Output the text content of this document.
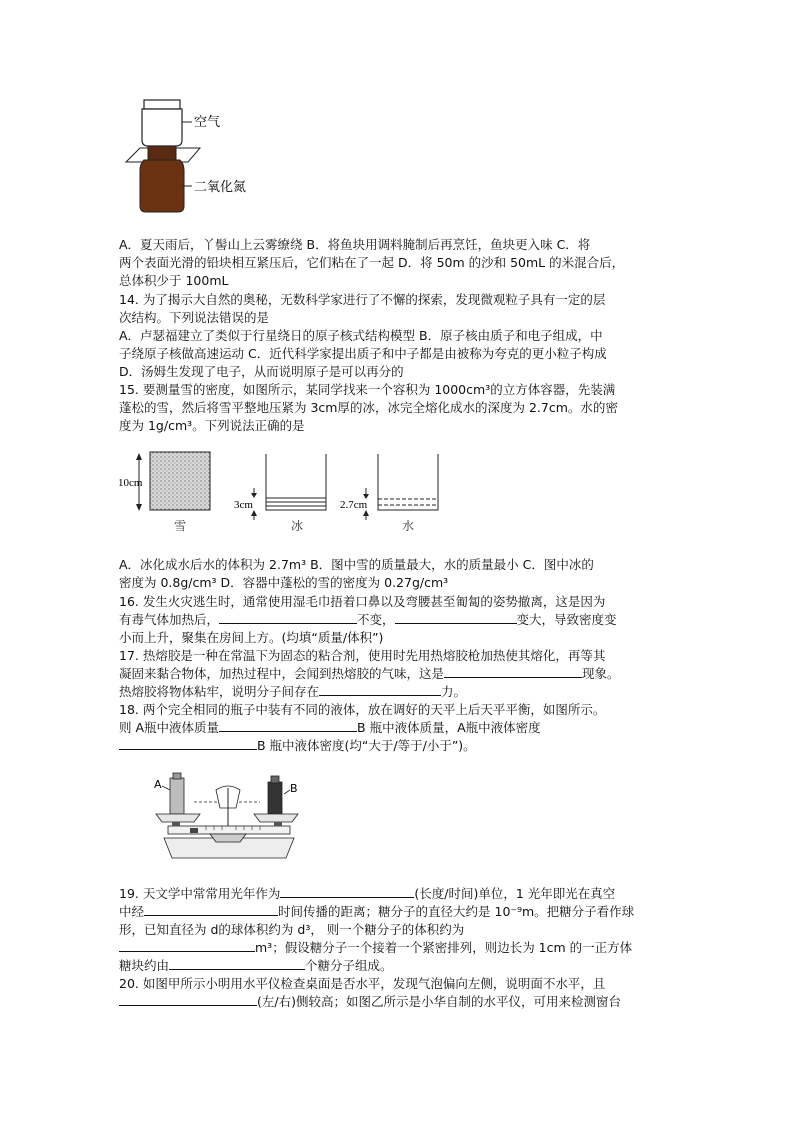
空气
二氧化氮
A．夏天雨后，丫髻山上云雾缭绕 B．将鱼块用调料腌制后再烹饪，鱼块更入味 C．将
两个表面光滑的铅块相互紧压后，它们粘在了一起 D．将 50m 的沙和 50mL 的米混合后，
总体积少于 100mL
14. 为了揭示大自然的奥秘，无数科学家进行了不懈的探索，发现微观粒子具有一定的层
次结构。下列说法错误的是
A．卢瑟福建立了类似于行星绕日的原子核式结构模型 B．原子核由质子和电子组成，中
子绕原子核做高速运动 C．近代科学家提出质子和中子都是由被称为夸克的更小粒子构成
D．汤姆生发现了电子，从而说明原子是可以再分的
15. 要测量雪的密度，如图所示，某同学找来一个容积为 1000cm³的立方体容器，先装满
蓬松的雪，然后将雪平整地压紧为 3cm厚的冰，冰完全熔化成水的深度为 2.7cm。水的密
度为 1g/cm³。下列说法正确的是
10cm
雪
3cm
冰
2.7cm
水
A．冰化成水后水的体积为 2.7m³ B．图中雪的质量最大，水的质量最小 C．图中冰的
密度为 0.8g/cm³ D．容器中蓬松的雪的密度为 0.27g/cm³
16. 发生火灾逃生时，通常使用湿毛巾捂着口鼻以及弯腰甚至匍匐的姿势撤离，这是因为
有毒气体加热后，	不变，	变大，导致密度变
小而上升，聚集在房间上方。(均填“质量/体积”)
17. 热熔胶是一种在常温下为固态的粘合剂，使用时先用热熔胶枪加热使其熔化，再等其
凝固来黏合物体，加热过程中，会闻到热熔胶的气味，这是	现象。
热熔胶将物体粘牢，说明分子间存在	力。
18. 两个完全相同的瓶子中装有不同的液体，放在调好的天平上后天平平衡，如图所示。
则 A瓶中液体质量	B 瓶中液体质量，A瓶中液体密度
B 瓶中液体密度(均“大于/等于/小于”)。
A	B
19. 天文学中常常用光年作为	(长度/时间)单位，1 光年即光在真空
中经	时间传播的距离；糖分子的直径大约是 10⁻⁹m。把糖分子看作球
形，已知直径为 d的球体积约为 d³， 则一个糖分子的体积约为
m³；假设糖分子一个接着一个紧密排列，则边长为 1cm 的一正方体
糖块约由	个糖分子组成。
20. 如图甲所示小明用水平仪检查桌面是否水平，发现气泡偏向左侧，说明面不水平，且
(左/右)侧较高；如图乙所示是小华自制的水平仪，可用来检测窗台
